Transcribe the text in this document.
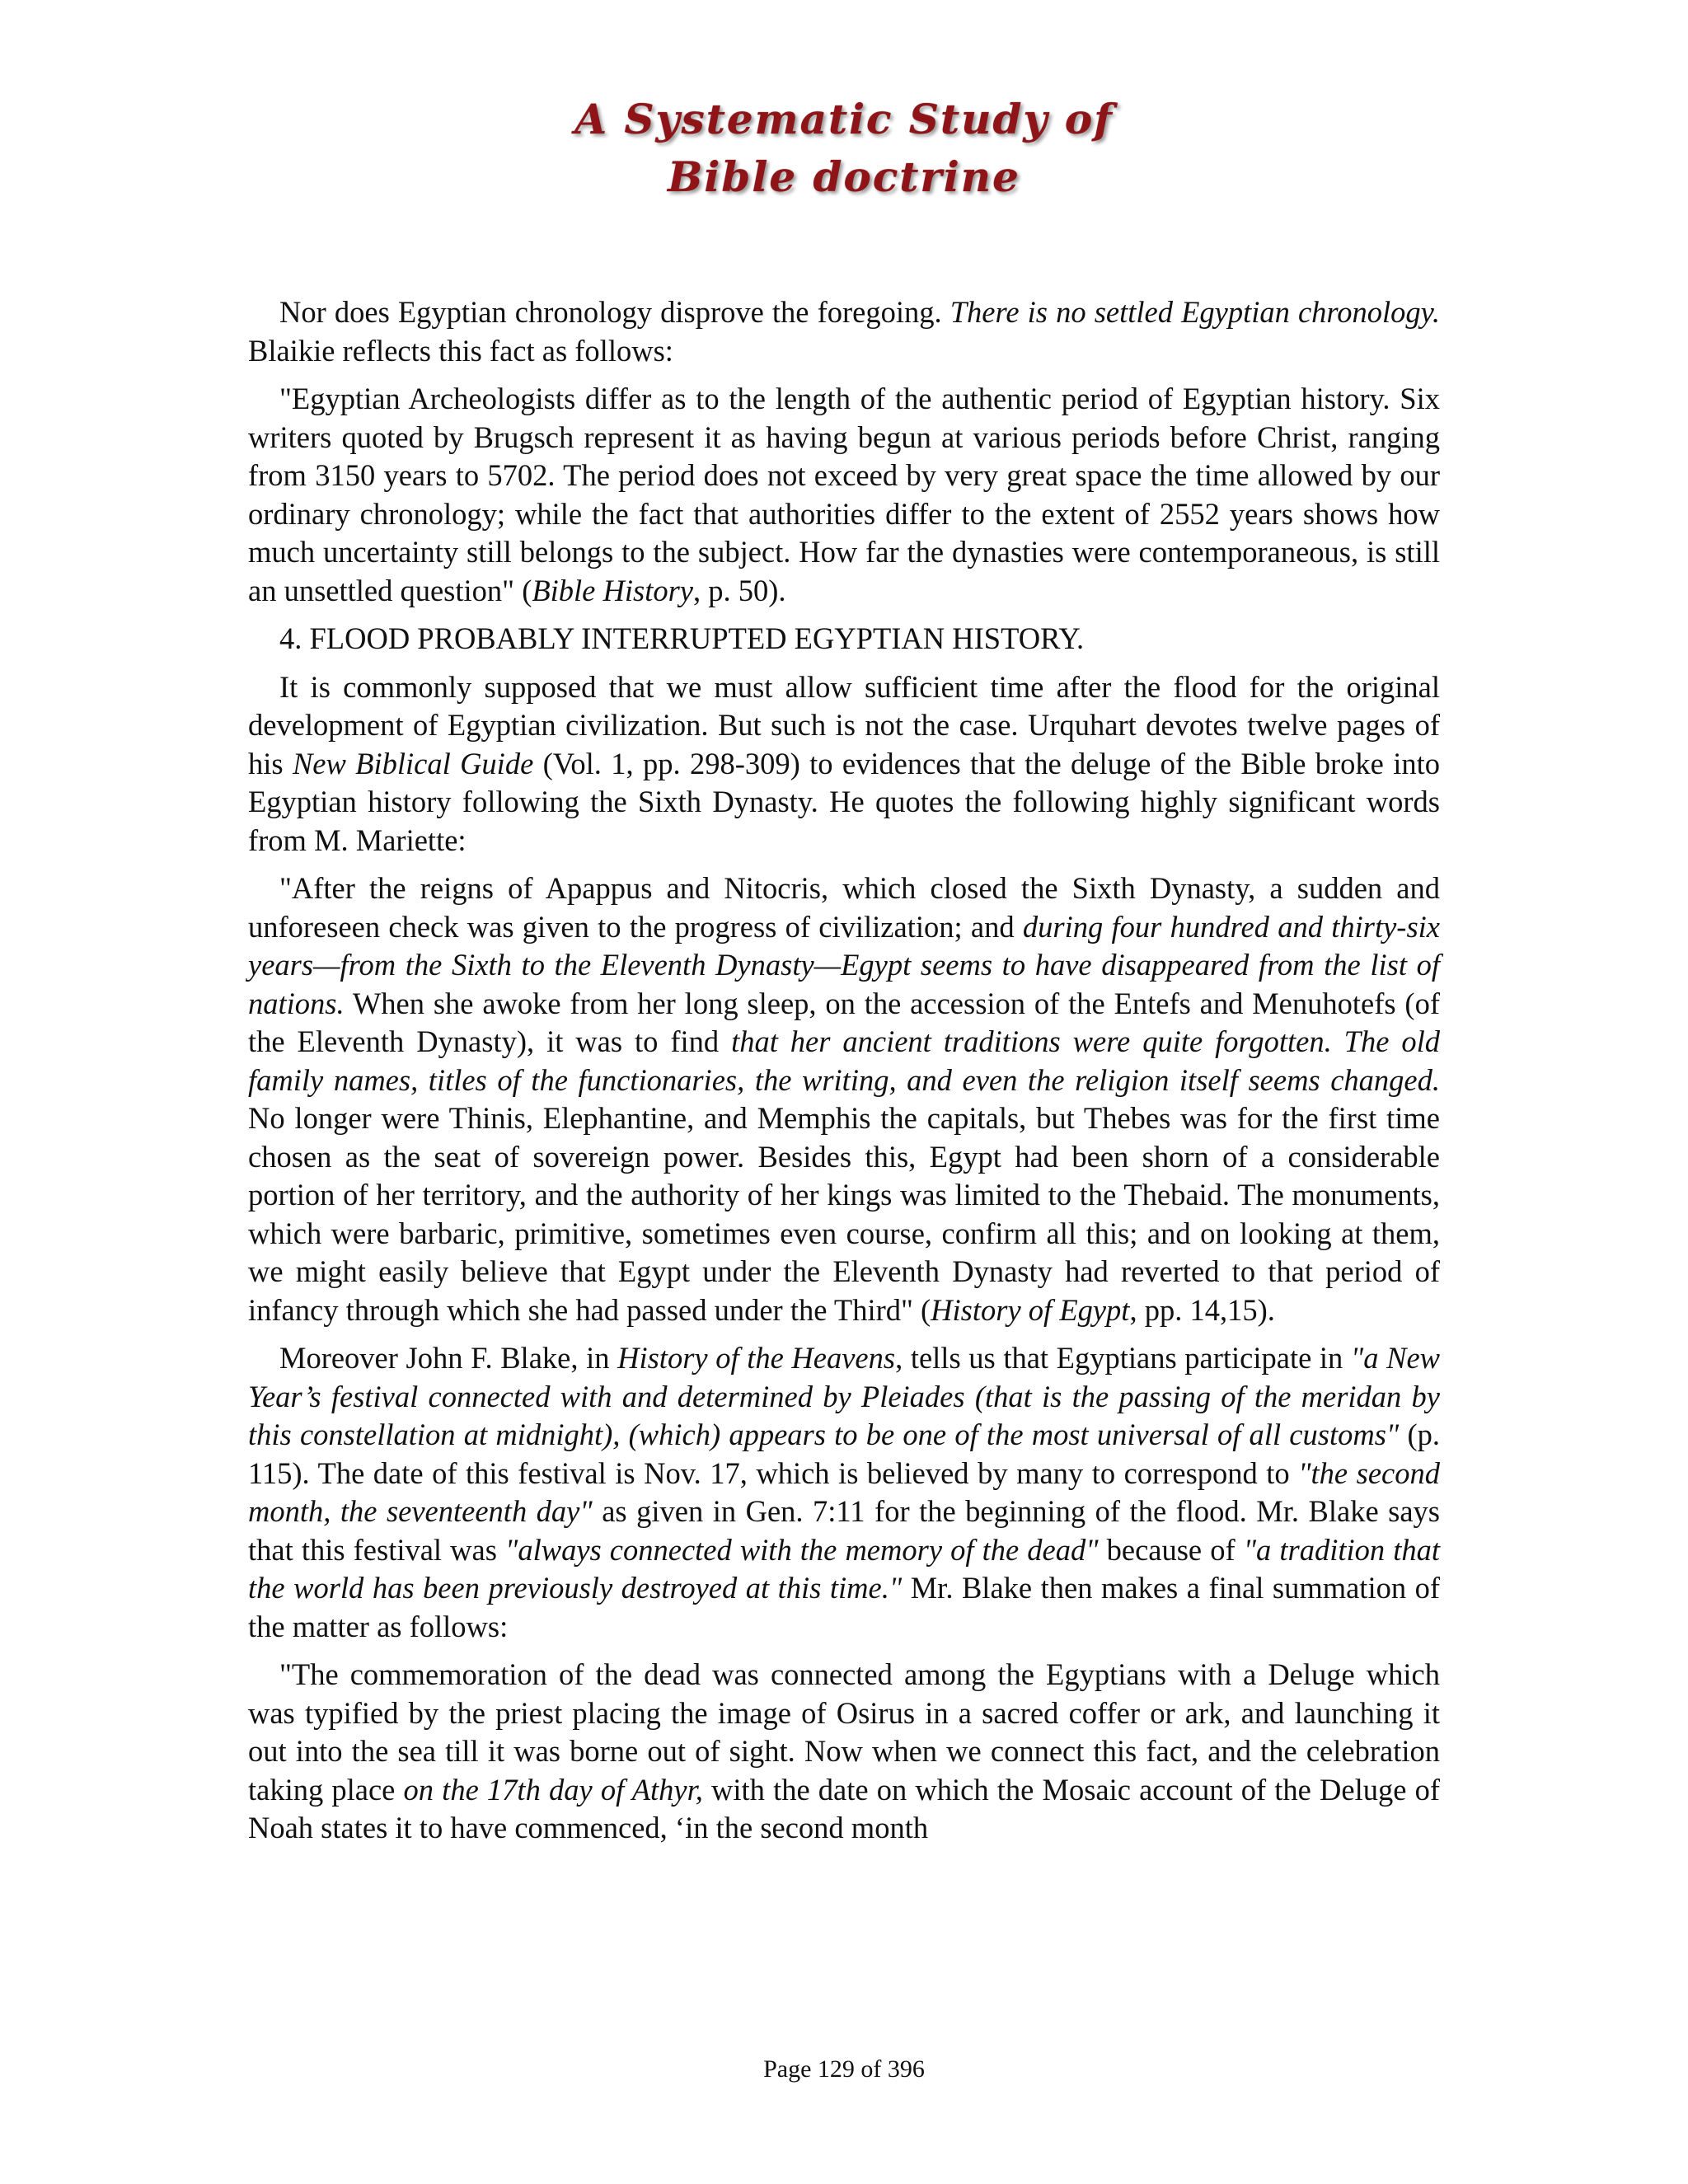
A Systematic Study of
Bible doctrine

Nor does Egyptian chronology disprove the foregoing. There is no settled Egyptian chronology. Blaikie reflects this fact as follows:

"Egyptian Archeologists differ as to the length of the authentic period of Egyptian history. Six writers quoted by Brugsch represent it as having begun at various periods before Christ, ranging from 3150 years to 5702. The period does not exceed by very great space the time allowed by our ordinary chronology; while the fact that authorities differ to the extent of 2552 years shows how much uncertainty still belongs to the subject. How far the dynasties were contemporaneous, is still an unsettled question" (Bible History, p. 50).

4. FLOOD PROBABLY INTERRUPTED EGYPTIAN HISTORY.

It is commonly supposed that we must allow sufficient time after the flood for the original development of Egyptian civilization. But such is not the case. Urquhart devotes twelve pages of his New Biblical Guide (Vol. 1, pp. 298-309) to evidences that the deluge of the Bible broke into Egyptian history following the Sixth Dynasty. He quotes the following highly significant words from M. Mariette:

"After the reigns of Apappus and Nitocris, which closed the Sixth Dynasty, a sudden and unforeseen check was given to the progress of civilization; and during four hundred and thirty-six years—from the Sixth to the Eleventh Dynasty—Egypt seems to have disappeared from the list of nations. When she awoke from her long sleep, on the accession of the Entefs and Menuhotefs (of the Eleventh Dynasty), it was to find that her ancient traditions were quite forgotten. The old family names, titles of the functionaries, the writing, and even the religion itself seems changed. No longer were Thinis, Elephantine, and Memphis the capitals, but Thebes was for the first time chosen as the seat of sovereign power. Besides this, Egypt had been shorn of a considerable portion of her territory, and the authority of her kings was limited to the Thebaid. The monuments, which were barbaric, primitive, sometimes even course, confirm all this; and on looking at them, we might easily believe that Egypt under the Eleventh Dynasty had reverted to that period of infancy through which she had passed under the Third" (History of Egypt, pp. 14,15).

Moreover John F. Blake, in History of the Heavens, tells us that Egyptians participate in "a New Year’s festival connected with and determined by Pleiades (that is the passing of the meridan by this constellation at midnight), (which) appears to be one of the most universal of all customs" (p. 115). The date of this festival is Nov. 17, which is believed by many to correspond to "the second month, the seventeenth day" as given in Gen. 7:11 for the beginning of the flood. Mr. Blake says that this festival was "always connected with the memory of the dead" because of "a tradition that the world has been previously destroyed at this time." Mr. Blake then makes a final summation of the matter as follows:

"The commemoration of the dead was connected among the Egyptians with a Deluge which was typified by the priest placing the image of Osirus in a sacred coffer or ark, and launching it out into the sea till it was borne out of sight. Now when we connect this fact, and the celebration taking place on the 17th day of Athyr, with the date on which the Mosaic account of the Deluge of Noah states it to have commenced, ‘in the second month

Page 129 of 396
